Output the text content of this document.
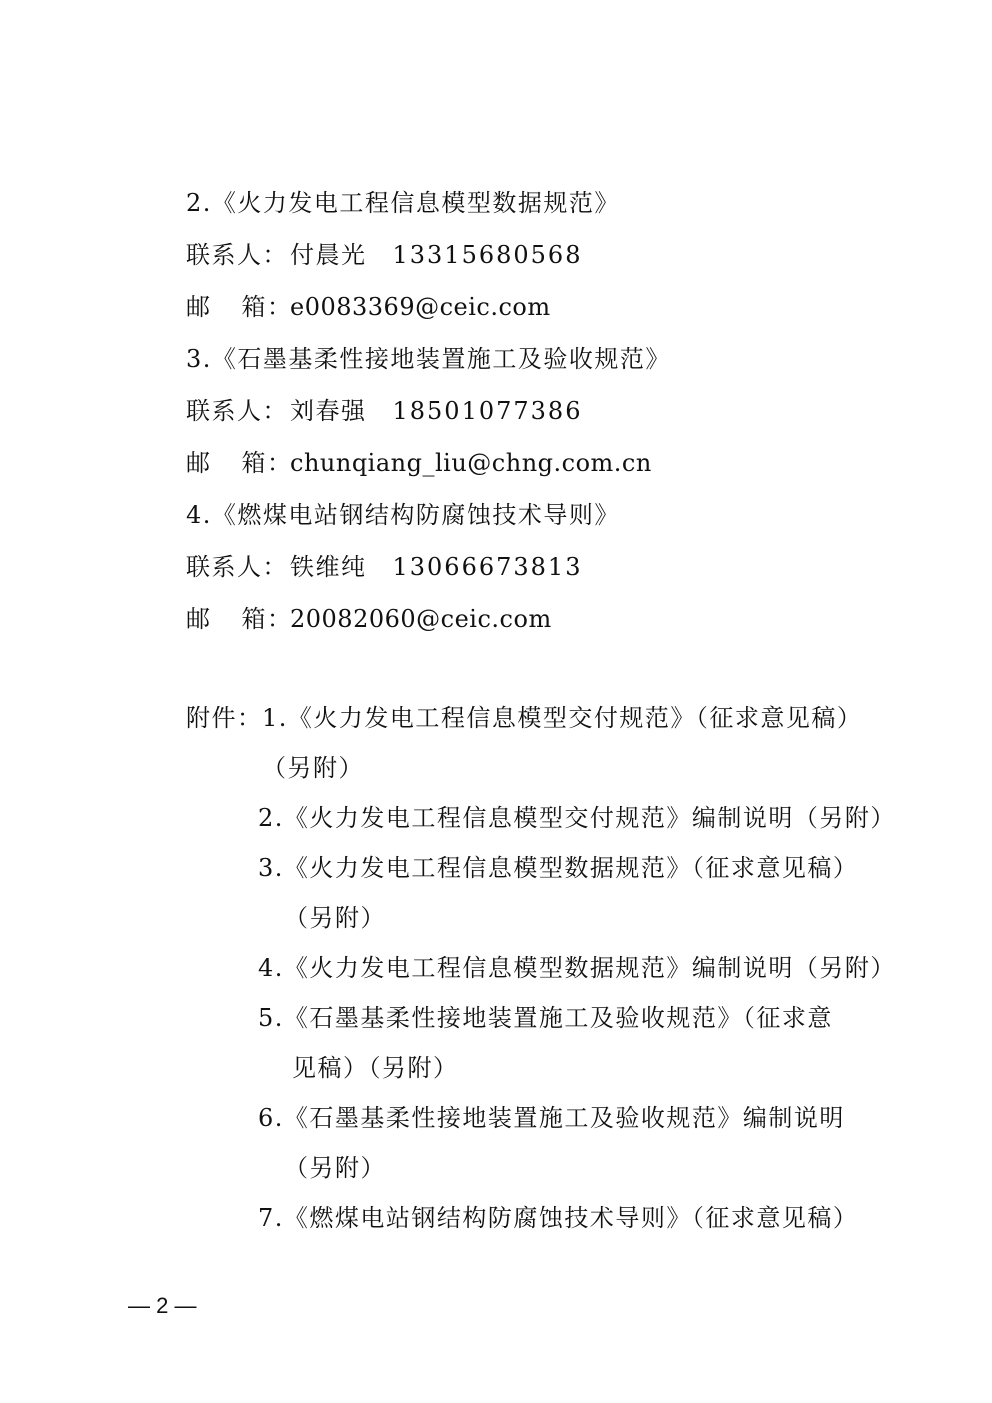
2.《火力发电工程信息模型数据规范》
联系人：付晨光 13315680568
邮 箱：e0083369@ceic.com
3.《石墨基柔性接地装置施工及验收规范》
联系人：刘春强 18501077386
邮 箱：chunqiang_liu@chng.com.cn
4.《燃煤电站钢结构防腐蚀技术导则》
联系人：铁维纯 13066673813
邮 箱：20082060@ceic.com
附件： 1.《火力发电工程信息模型交付规范》（征求意见稿）
（另附）
2.《火力发电工程信息模型交付规范》编制说明（另附）
3.《火力发电工程信息模型数据规范》（征求意见稿）
（另附）
4.《火力发电工程信息模型数据规范》编制说明（另附）
5.《石墨基柔性接地装置施工及验收规范》（征求意
见稿）（另附）
6.《石墨基柔性接地装置施工及验收规范》编制说明
（另附）
7.《燃煤电站钢结构防腐蚀技术导则》（征求意见稿）
— 2 —
